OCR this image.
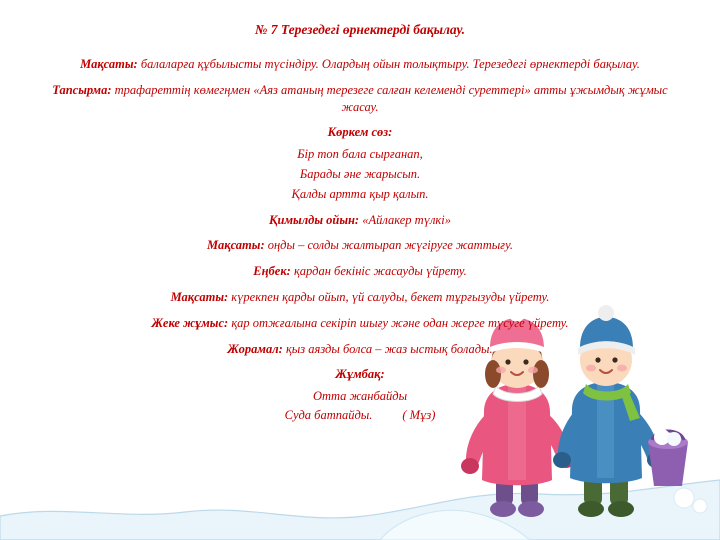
№ 7 Терезедегі өрнектерді бақылау.
Мақсаты: балаларға құбылысты түсіндіру. Олардың ойын толықтыру. Терезедегі өрнектерді бақылау.
Тапсырма: трафареттің көмегңмен «Аяз атаның терезеге салған келеменді суреттері» атты ұжымдық жұмыс жасау.
Көркем сөз:
Бір топ бала сырғанап,
Барады әне жарысып.
Қалды артта қыр қалып.
Қимылды ойын: «Айлакер түлкі»
Мақсаты: оңды – солды жалтырап жүгіруге жаттығу.
Еңбек: қардан бекініс жасауды үйрету.
Мақсаты: күрекпен қарды ойып, үй салуды, бекет тұрғызуды үйрету.
Жеке жұмыс: қар отжғалына секіріп шығу және одан жерге түсуге үйрету.
Жорамал: қыз аязды болса – жаз ыстық болады.
Жұмбақ:
Отта жанбайды
Суда батпайды. ( Мұз)
